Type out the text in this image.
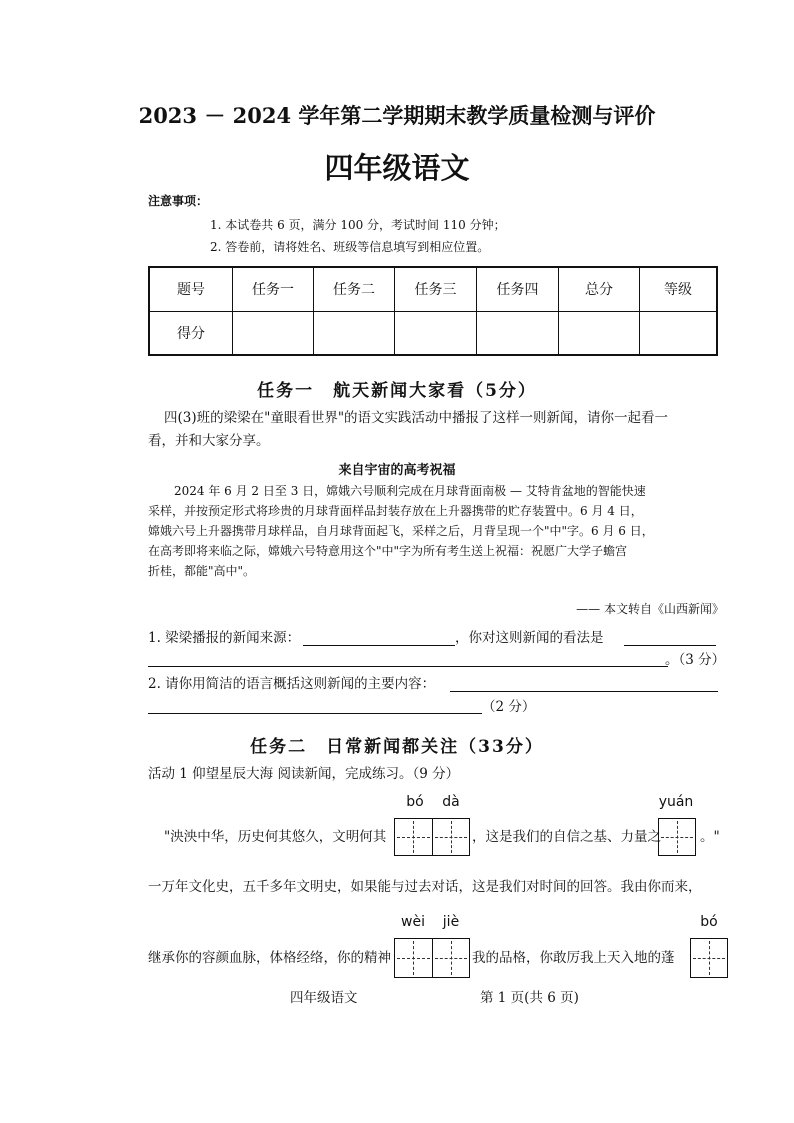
2023 － 2024 学年第二学期期末教学质量检测与评价
四年级语文
注意事项：
1. 本试卷共 6 页，满分 100 分，考试时间 110 分钟；
2. 答卷前，请将姓名、班级等信息填写到相应位置。
题号	任务一	任务二	任务三	任务四	总分	等级
得分						
任务一　航天新闻大家看（5分）
四(3)班的梁梁在"童眼看世界"的语文实践活动中播报了这样一则新闻，请你一起看一
看，并和大家分享。
来自宇宙的高考祝福
2024 年 6 月 2 日至 3 日，嫦娥六号顺利完成在月球背面南极 — 艾特肯盆地的智能快速
采样，并按预定形式将珍贵的月球背面样品封装存放在上升器携带的贮存装置中。6 月 4 日，
嫦娥六号上升器携带月球样品，自月球背面起飞，采样之后，月背呈现一个"中"字。6 月 6 日，
在高考即将来临之际，嫦娥六号特意用这个"中"字为所有考生送上祝福：祝愿广大学子蟾宫
折桂，都能"高中"。
—— 本文转自《山西新闻》
1. 梁梁播报的新闻来源：	，你对这则新闻的看法是
。（3 分）
2. 请你用简洁的语言概括这则新闻的主要内容：
（2 分）
任务二　日常新闻都关注（33分）
活动 1 仰望星辰大海 阅读新闻，完成练习。（9 分）
bó	dà	yuán
"泱泱中华，历史何其悠久，文明何其	，这是我们的自信之基、力量之	。"
一万年文化史，五千多年文明史，如果能与过去对话，这是我们对时间的回答。我由你而来，
wèi	jiè	bó
继承你的容颜血脉，体格经络，你的精神	我的品格，你敢厉我上天入地的蓬
四年级语文	第 1 页(共 6 页)
